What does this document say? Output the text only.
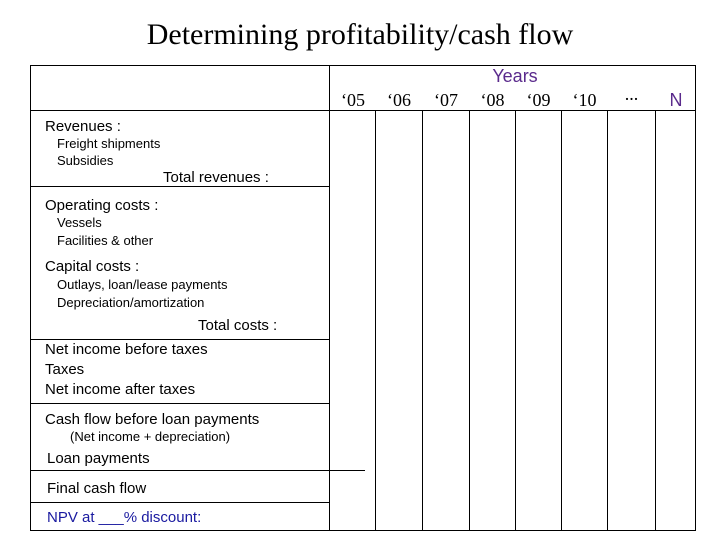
Determining profitability/cash flow
Years
‘05	‘06	‘07	‘08	‘09	‘10	...	N
Revenues :
Freight shipments
Subsidies
Total revenues :
Operating costs :
Vessels
Facilities & other
Capital costs :
Outlays, loan/lease payments
Depreciation/amortization
Total costs :
Net income before taxes
Taxes
Net income after taxes
Cash flow before loan payments
(Net income + depreciation)
Loan payments
Final cash flow
NPV at ___% discount:
